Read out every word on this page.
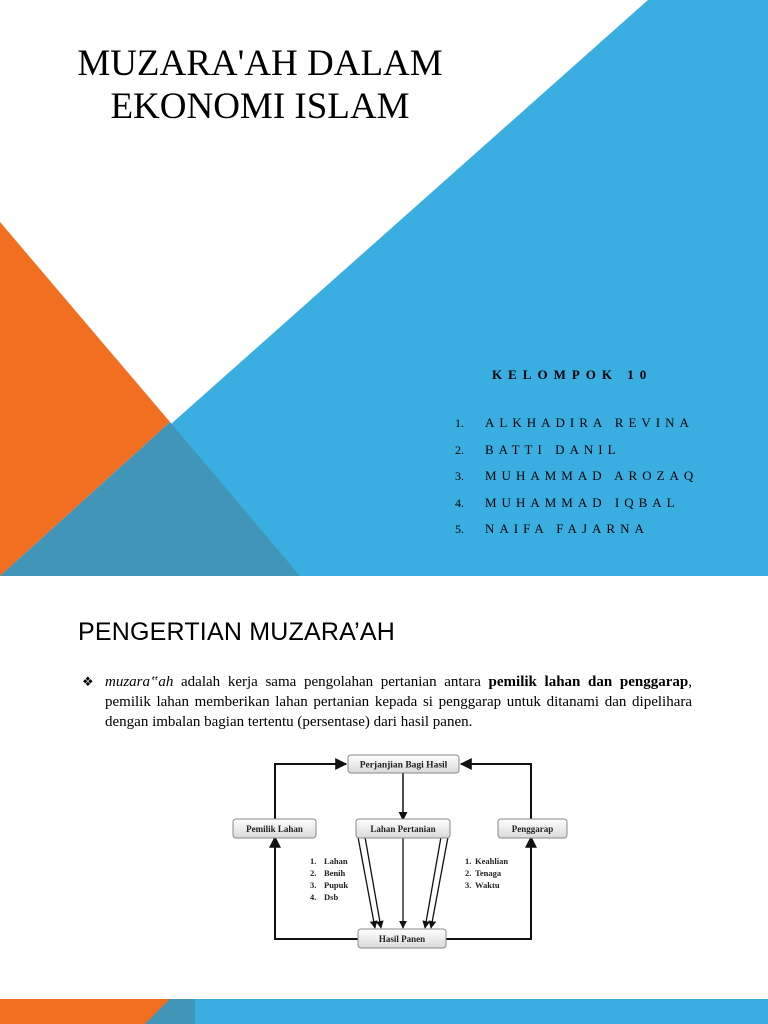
MUZARA'AH DALAM
EKONOMI ISLAM
KELOMPOK 10
1. ALKHADIRA REVINA
2. BATTI DANIL
3. MUHAMMAD AROZAQ
4. MUHAMMAD IQBAL
5. NAIFA FAJARNA
PENGERTIAN MUZARA’AH
❖ muzara‟ah adalah kerja sama pengolahan pertanian antara pemilik lahan dan penggarap, pemilik lahan memberikan lahan pertanian kepada si penggarap untuk ditanami dan dipelihara dengan imbalan bagian tertentu (persentase) dari hasil panen.
Perjanjian Bagi Hasil
Pemilik Lahan	Lahan Pertanian	Penggarap
Hasil Panen
1. Lahan
2. Benih
3. Pupuk
4. Dsb
1. Keahlian
2. Tenaga
3. Waktu
